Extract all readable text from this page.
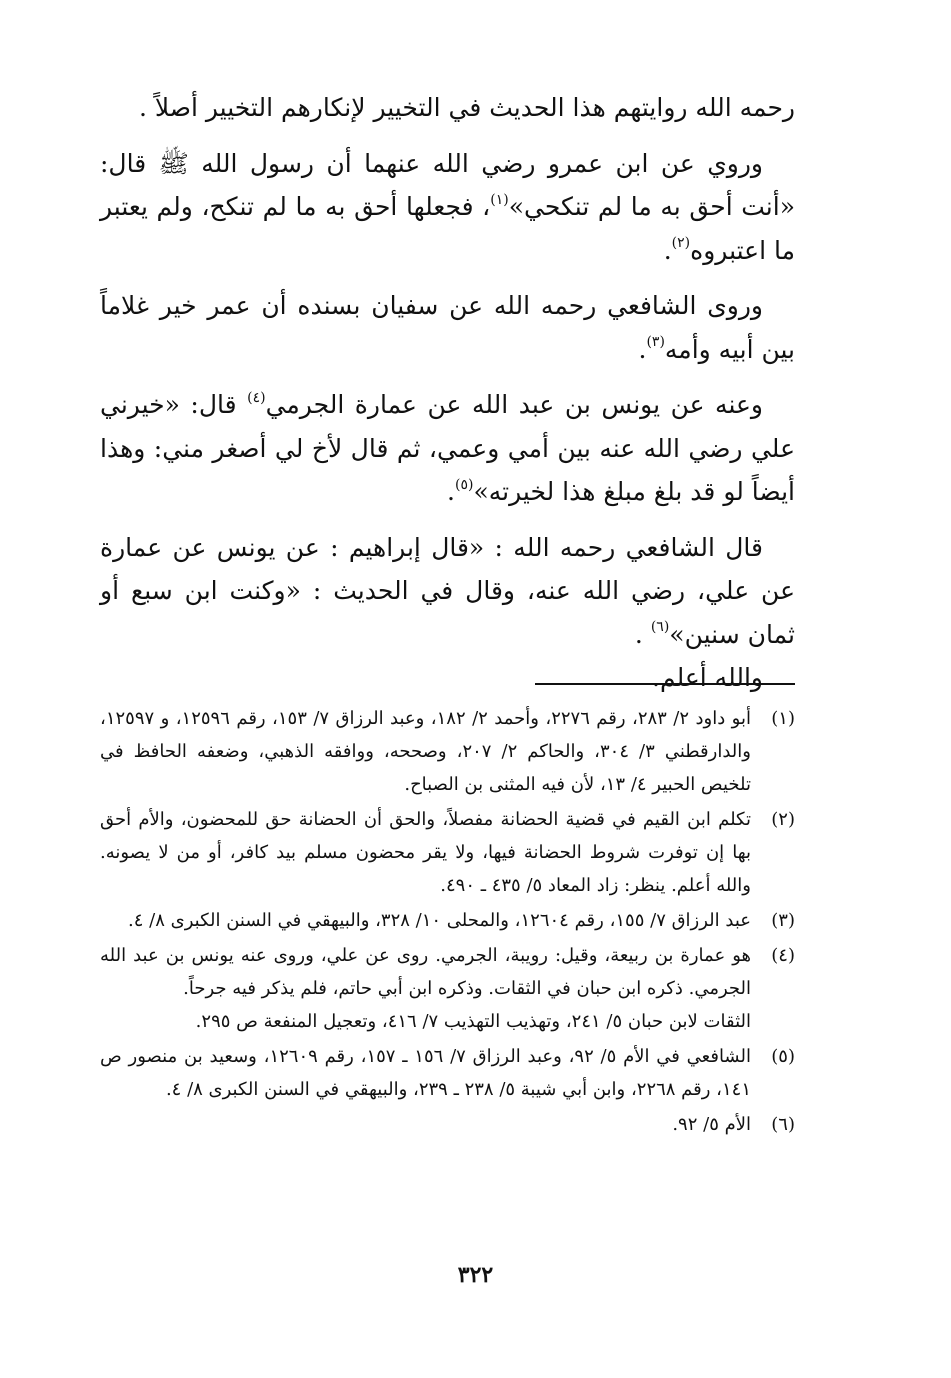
رحمه الله روايتهم هذا الحديث في التخيير لإنكارهم التخيير أصلاً .

وروي عن ابن عمرو رضي الله عنهما أن رسول الله ﷺ قال: «أنت أحق به ما لم تنكحي»$^{(١)}$، فجعلها أحق به ما لم تنكح، ولم يعتبر ما اعتبروه$^{(٢)}$.

وروى الشافعي رحمه الله عن سفيان بسنده أن عمر خير غلاماً بين أبيه وأمه$^{(٣)}$.

وعنه عن يونس بن عبد الله عن عمارة الجرمي$^{(٤)}$ قال: «خيرني علي رضي الله عنه بين أمي وعمي، ثم قال لأخ لي أصغر مني: وهذا أيضاً لو قد بلغ مبلغ هذا لخيرته»$^{(٥)}$.

قال الشافعي رحمه الله : «قال إبراهيم : عن يونس عن عمارة عن علي، رضي الله عنه، وقال في الحديث : «وكنت ابن سبع أو ثمان سنين»$^{(٦)}$ .

والله أعلم.

(١)
أبو داود ٢/ ٢٨٣، رقم ٢٢٧٦، وأحمد ٢/ ١٨٢، وعبد الرزاق ٧/ ١٥٣، رقم ١٢٥٩٦، و ١٢٥٩٧، والدارقطني ٣/ ٣٠٤، والحاكم ٢/ ٢٠٧، وصححه، ووافقه الذهبي، وضعفه الحافظ في تلخيص الحبير ٤/ ١٣، لأن فيه المثنى بن الصباح.
(٢)
تكلم ابن القيم في قضية الحضانة مفصلاً، والحق أن الحضانة حق للمحضون، والأم أحق بها إن توفرت شروط الحضانة فيها، ولا يقر محضون مسلم بيد كافر، أو من لا يصونه. والله أعلم. ينظر: زاد المعاد ٥/ ٤٣٥ ـ ٤٩٠.
(٣)
عبد الرزاق ٧/ ١٥٥، رقم ١٢٦٠٤، والمحلى ١٠/ ٣٢٨، والبيهقي في السنن الكبرى ٨/ ٤.
(٤)
هو عمارة بن ربيعة، وقيل: رويبة، الجرمي. روى عن علي، وروى عنه يونس بن عبد الله الجرمي. ذكره ابن حبان في الثقات. وذكره ابن أبي حاتم، فلم يذكر فيه جرحاً.
الثقات لابن حبان ٥/ ٢٤١، وتهذيب التهذيب ٧/ ٤١٦، وتعجيل المنفعة ص ٢٩٥.
(٥)
الشافعي في الأم ٥/ ٩٢، وعبد الرزاق ٧/ ١٥٦ ـ ١٥٧، رقم ١٢٦٠٩، وسعيد بن منصور ص ١٤١، رقم ٢٢٦٨، وابن أبي شيبة ٥/ ٢٣٨ ـ ٢٣٩، والبيهقي في السنن الكبرى ٨/ ٤.
(٦)
الأم ٥/ ٩٢.
٣٢٢
